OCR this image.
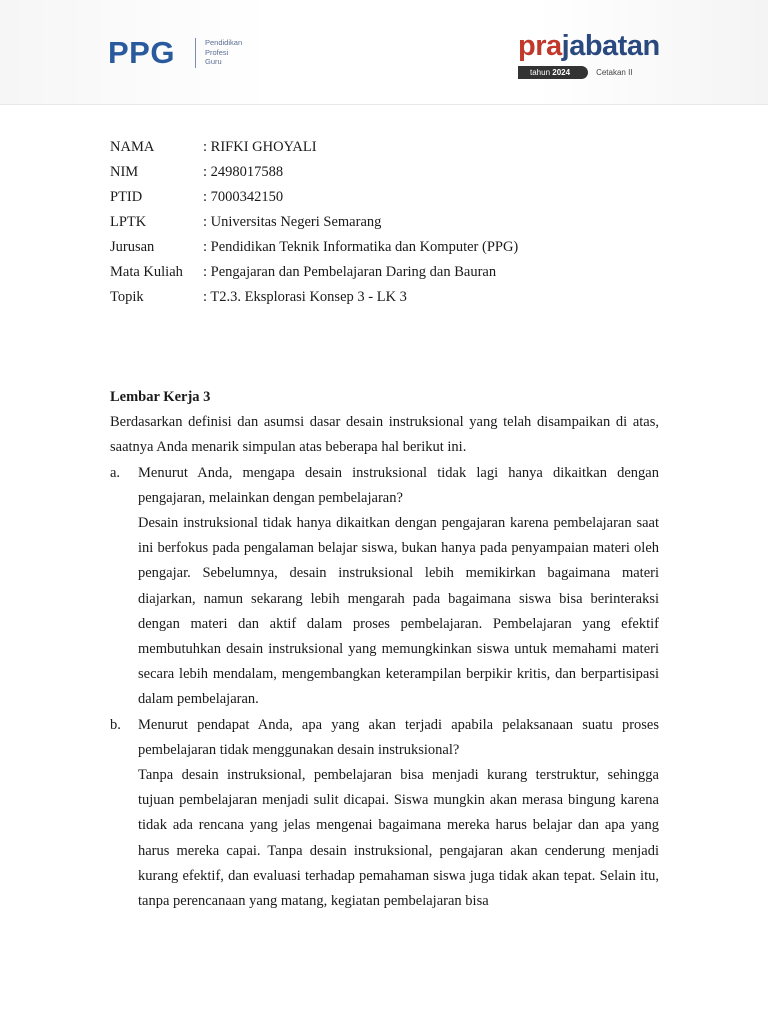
PPG	Pendidikan
Profesi
Guru	prajabatan
tahun 2024	Cetakan II
NAMA	: RIFKI GHOYALI
NIM	: 2498017588
PTID	: 7000342150
LPTK	: Universitas Negeri Semarang
Jurusan	: Pendidikan Teknik Informatika dan Komputer (PPG)
Mata Kuliah	: Pengajaran dan Pembelajaran Daring dan Bauran
Topik	: T2.3. Eksplorasi Konsep 3 - LK 3
Lembar Kerja 3
Berdasarkan definisi dan asumsi dasar desain instruksional yang telah disampaikan di atas, saatnya Anda menarik simpulan atas beberapa hal berikut ini.
a.	Menurut Anda, mengapa desain instruksional tidak lagi hanya dikaitkan dengan pengajaran, melainkan dengan pembelajaran?
Desain instruksional tidak hanya dikaitkan dengan pengajaran karena pembelajaran saat ini berfokus pada pengalaman belajar siswa, bukan hanya pada penyampaian materi oleh pengajar. Sebelumnya, desain instruksional lebih memikirkan bagaimana materi diajarkan, namun sekarang lebih mengarah pada bagaimana siswa bisa berinteraksi dengan materi dan aktif dalam proses pembelajaran. Pembelajaran yang efektif membutuhkan desain instruksional yang memungkinkan siswa untuk memahami materi secara lebih mendalam, mengembangkan keterampilan berpikir kritis, dan berpartisipasi dalam pembelajaran.
b.	Menurut pendapat Anda, apa yang akan terjadi apabila pelaksanaan suatu proses pembelajaran tidak menggunakan desain instruksional?
Tanpa desain instruksional, pembelajaran bisa menjadi kurang terstruktur, sehingga tujuan pembelajaran menjadi sulit dicapai. Siswa mungkin akan merasa bingung karena tidak ada rencana yang jelas mengenai bagaimana mereka harus belajar dan apa yang harus mereka capai. Tanpa desain instruksional, pengajaran akan cenderung menjadi kurang efektif, dan evaluasi terhadap pemahaman siswa juga tidak akan tepat. Selain itu, tanpa perencanaan yang matang, kegiatan pembelajaran bisa
